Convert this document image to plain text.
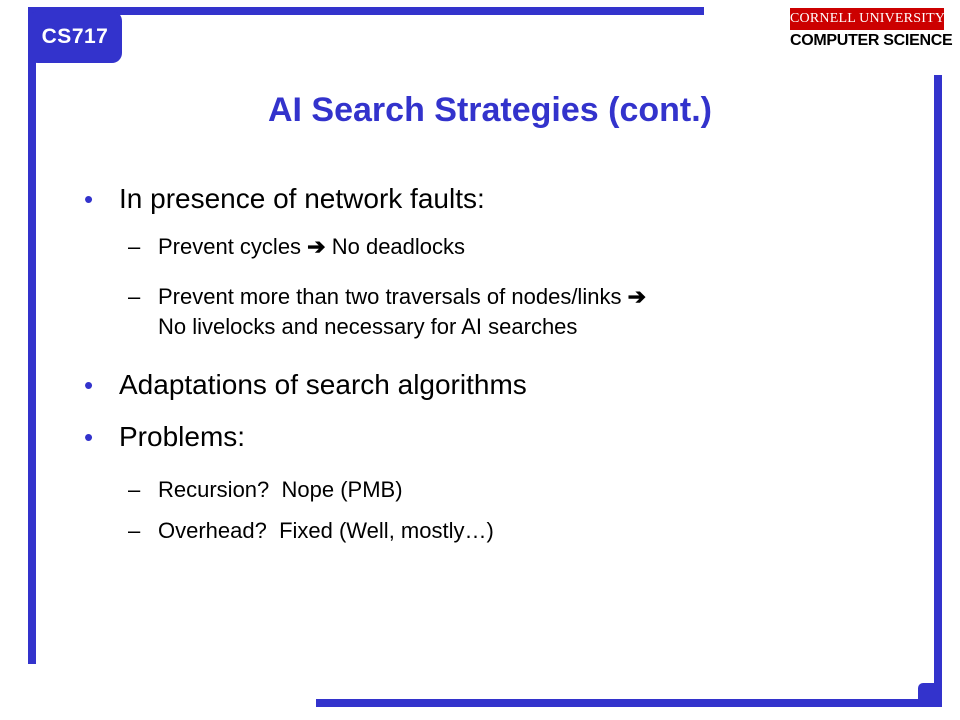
CS717
CORNELL UNIVERSITY
COMPUTER SCIENCE
AI Search Strategies (cont.)
• In presence of network faults:
– Prevent cycles ➔ No deadlocks
– Prevent more than two traversals of nodes/links ➔
No livelocks and necessary for AI searches
• Adaptations of search algorithms
• Problems:
– Recursion?  Nope (PMB)
– Overhead?  Fixed (Well, mostly…)
